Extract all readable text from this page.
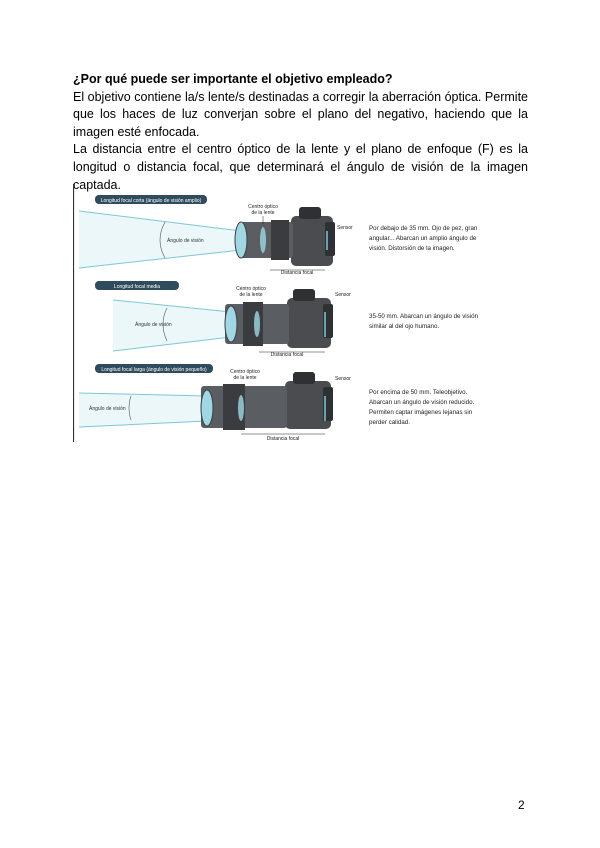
¿Por qué puede ser importante el objetivo empleado?

El objetivo contiene la/s lente/s destinadas a corregir la aberración óptica. Permite que los haces de luz converjan sobre el plano del negativo, haciendo que la imagen esté enfocada.

La distancia entre el centro óptico de la lente y el plano de enfoque (F) es la longitud o distancia focal, que determinará el ángulo de visión de la imagen captada.

Longitud focal corta (ángulo de visión amplio)
Ángulo de visión
Centro óptico
de la lente
Sensor
Distancia focal
Por debajo de 35 mm. Ojo de pez, gran angular... Abarcan un amplio ángulo de visión. Distorsión de la imagen.
Longitud focal media
Ángulo de visión
Centro óptico
de la lente	Sensor
Distancia focal
35-50 mm. Abarcan un ángulo de visión similar al del ojo humano.
Longitud focal larga (ángulo de visión pequeño)
Ángulo de visión
Centro óptico
de la lente	Sensor
Distancia focal
Por encima de 50 mm. Teleobjetivo. Abarcan un ángulo de visión reducido. Permiten captar imágenes lejanas sin perder calidad.
2
